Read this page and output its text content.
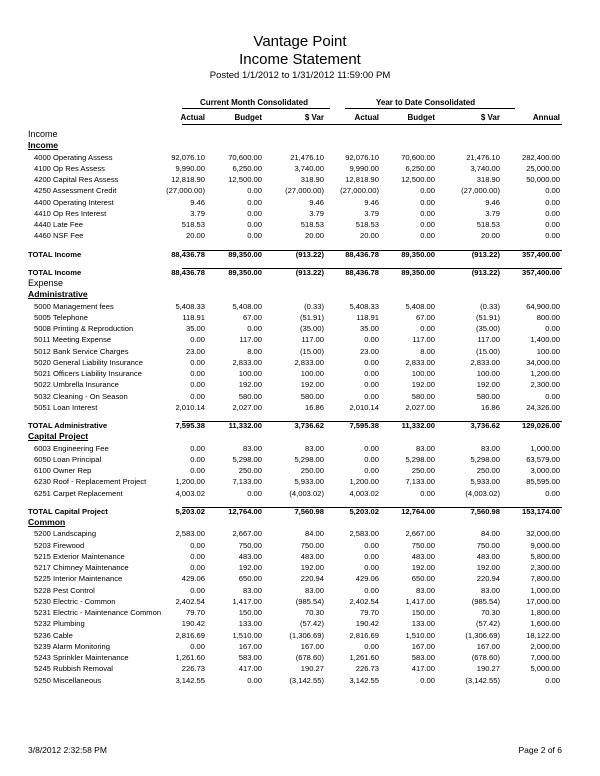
Vantage Point
Income Statement
Posted 1/1/2012 to 1/31/2012 11:59:00 PM
Current Month Consolidated	Year to Date Consolidated
Actual	Budget	$ Var	Actual	Budget	$ Var	Annual
Income
Income
4000 Operating Assess	92,076.10	70,600.00	21,476.10	92,076.10	70,600.00	21,476.10	282,400.00
4100 Op Res Assess	9,990.00	6,250.00	3,740.00	9,990.00	6,250.00	3,740.00	25,000.00
4200 Capital Res Assess	12,818.90	12,500.00	318.90	12,818.90	12,500.00	318.90	50,000.00
4250 Assessment Credit	(27,000.00)	0.00	(27,000.00) (27,000.00)	0.00	(27,000.00)	0.00
4400 Operating Interest	9.46	0.00	9.46	9.46	0.00	9.46	0.00
4410 Op Res Interest	3.79	0.00	3.79	3.79	0.00	3.79	0.00
4440 Late Fee	518.53	0.00	518.53	518.53	0.00	518.53	0.00
4460 NSF Fee	20.00	0.00	20.00	20.00	0.00	20.00	0.00
TOTAL Income	88,436.78	89,350.00	(913.22)	88,436.78	89,350.00	(913.22)	357,400.00
TOTAL Income	88,436.78	89,350.00	(913.22)	88,436.78	89,350.00	(913.22)	357,400.00
Expense
Administrative
5000 Management fees	5,408.33	5,408.00	(0.33)	5,408.33	5,408.00	(0.33)	64,900.00
5005 Telephone	118.91	67.00	(51.91)	118.91	67.00	(51.91)	800.00
5008 Printing & Reproduction	35.00	0.00	(35.00)	35.00	0.00	(35.00)	0.00
5011 Meeting Expense	0.00	117.00	117.00	0.00	117.00	117.00	1,400.00
5012 Bank Service Charges	23.00	8.00	(15.00)	23.00	8.00	(15.00)	100.00
5020 General Liability Insurance	0.00	2,833.00	2,833.00	0.00	2,833.00	2,833.00	34,000.00
5021 Officers Liability Insurance	0.00	100.00	100.00	0.00	100.00	100.00	1,200.00
5022 Umbrella Insurance	0.00	192.00	192.00	0.00	192.00	192.00	2,300.00
5032 Cleaning - On Season	0.00	580.00	580.00	0.00	580.00	580.00	0.00
5051 Loan Interest	2,010.14	2,027.00	16.86	2,010.14	2,027.00	16.86	24,326.00
TOTAL Administrative	7,595.38	11,332.00	3,736.62	7,595.38	11,332.00	3,736.62	129,026.00
Capital Project
6003 Engineering Fee	0.00	83.00	83.00	0.00	83.00	83.00	1,000.00
6050 Loan Principal	0.00	5,298.00	5,298.00	0.00	5,298.00	5,298.00	63,579.00
6100 Owner Rep	0.00	250.00	250.00	0.00	250.00	250.00	3,000.00
6230 Roof - Replacement Project	1,200.00	7,133.00	5,933.00	1,200.00	7,133.00	5,933.00	85,595.00
6251 Carpet Replacement	4,003.02	0.00	(4,003.02)	4,003.02	0.00	(4,003.02)	0.00
TOTAL Capital Project	5,203.02	12,764.00	7,560.98	5,203.02	12,764.00	7,560.98	153,174.00
Common
5200 Landscaping	2,583.00	2,667.00	84.00	2,583.00	2,667.00	84.00	32,000.00
5203 Firewood	0.00	750.00	750.00	0.00	750.00	750.00	9,000.00
5215 Exterior Maintenance	0.00	483.00	483.00	0.00	483.00	483.00	5,800.00
5217 Chimney Maintenance	0.00	192.00	192.00	0.00	192.00	192.00	2,300.00
5225 Interior Maintenance	429.06	650.00	220.94	429.06	650.00	220.94	7,800.00
5228 Pest Control	0.00	83.00	83.00	0.00	83.00	83.00	1,000.00
5230 Electric - Common	2,402.54	1,417.00	(985.54)	2,402.54	1,417.00	(985.54)	17,000.00
5231 Electric - Maintenance Common	79.70	150.00	70.30	79.70	150.00	70.30	1,800.00
5232 Plumbing	190.42	133.00	(57.42)	190.42	133.00	(57.42)	1,600.00
5236 Cable	2,816.69	1,510.00	(1,306.69)	2,816.69	1,510.00	(1,306.69)	18,122.00
5239 Alarm Monitoring	0.00	167.00	167.00	0.00	167.00	167.00	2,000.00
5243 Sprinkler Maintenance	1,261.60	583.00	(678.60)	1,261.60	583.00	(678.60)	7,000.00
5245 Rubbish Removal	226.73	417.00	190.27	226.73	417.00	190.27	5,000.00
5250 Miscellaneous	3,142.55	0.00	(3,142.55)	3,142.55	0.00	(3,142.55)	0.00
3/8/2012 2:32:58 PM	Page 2 of 6
